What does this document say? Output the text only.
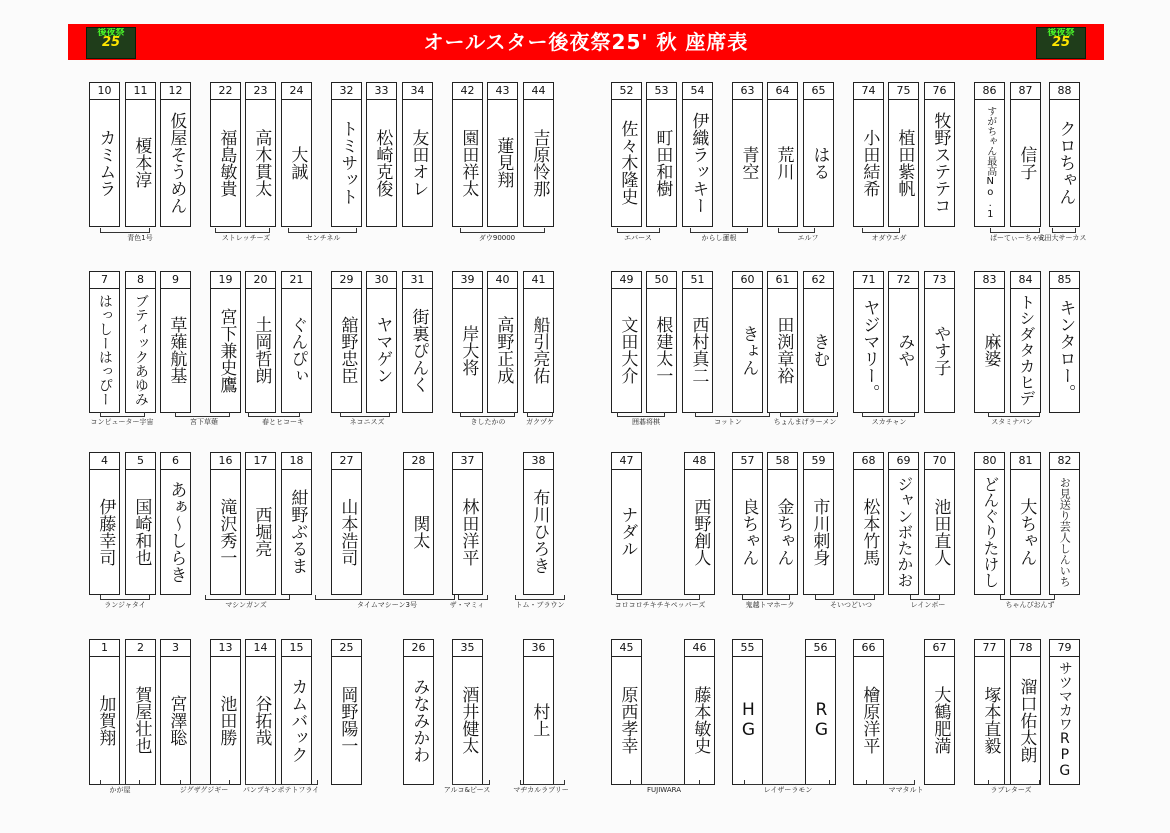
後夜祭
25	オールスター後夜祭25' 秋 座席表	後夜祭
25
10
カミムラ
11
榎本淳
12
仮屋そうめん
22
福島敏貴
23
高木貫太
24
大誠
32
トミサット
33
松崎克俊
34
友田オレ
42
園田祥太
43
蓮見翔
44
吉原怜那
52
佐々木隆史
53
町田和樹
54
伊織ラッキー
63
青空
64
荒川
65
はる
74
小田結希
75
植田紫帆
76
牧野ステテコ
86
すがちゃん最高No.1
87
信子
88
クロちゃん
7
はっしーはっぴー
8
ブティックあゆみ
9
草薙航基
19
宮下兼史鷹
20
土岡哲朗
21
ぐんぴぃ
29
舘野忠臣
30
ヤマゲン
31
街裏ぴんく
39
岸大将
40
高野正成
41
船引亮佑
49
文田大介
50
根建太一
51
西村真二
60
きょん
61
田渕章裕
62
きむ
71
ヤジマリー。
72
みや
73
やす子
83
麻婆
84
トシダタカヒデ
85
キンタロー。
4
伊藤幸司
5
国崎和也
6
あぁ〜しらき
16
滝沢秀一
17
西堀亮
18
紺野ぶるま
27
山本浩司
28
関太
37
林田洋平
38
布川ひろき
47
ナダル
48
西野創人
57
良ちゃん
58
金ちゃん
59
市川刺身
68
松本竹馬
69
ジャンボたかお
70
池田直人
80
どんぐりたけし
81
大ちゃん
82
お見送り芸人しんいち
1
加賀翔
2
賀屋壮也
3
宮澤聡
13
池田勝
14
谷拓哉
15
カムバック
25
岡野陽一
26
みなみかわ
35
酒井健太
36
村上
45
原西孝幸
46
藤本敏史
55
HG
56
RG
66
檜原洋平
67
大鶴肥満
77
塚本直毅
78
溜口佑太朗
79
サツマカワRPG
青色1号	ストレッチーズ	センチネル	ダウ90000	エバース	からし蓮根	エルフ	オダウエダ	ぱーてぃーちゃん
安田大サーカス
コンピューター宇宙	宮下草薙	春とヒコーキ	ネコニスズ	きしたかの	ガクヅケ	囲碁将棋	コットン	ちょんまげラーメン	スカチャン	スタミナパン
ランジャタイ	マシンガンズ	タイムマシーン3号	ザ・マミィ	トム・ブラウン	コロコロチキチキペッパーズ	鬼越トマホーク	そいつどいつ	レインボー	ちゃんぴおんず
かが屋	ジグザグジギー パンプキンポテトフライ	アルコ&ピース	マヂカルラブリー	FUJIWARA	レイザーラモン	ママタルト	ラブレターズ
